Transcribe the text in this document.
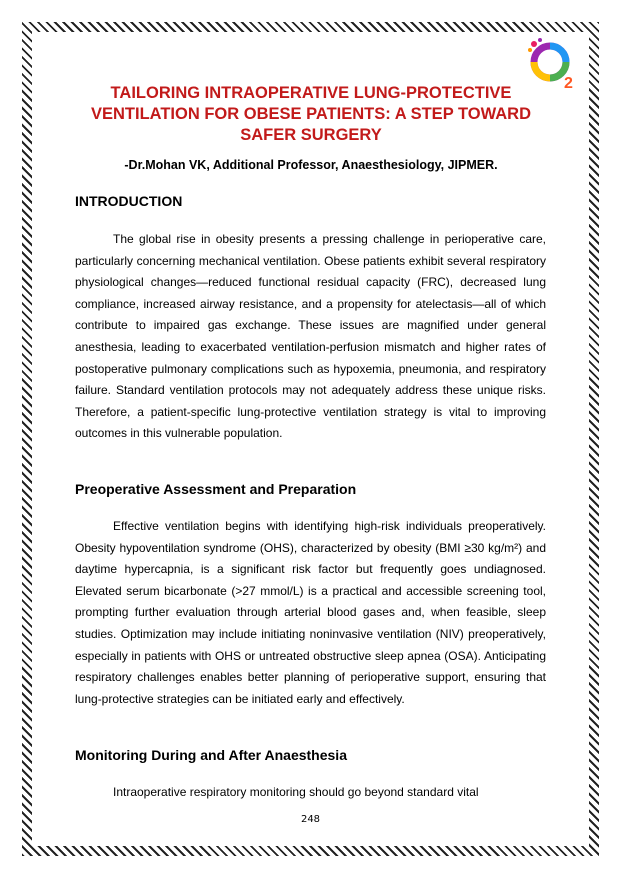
2
TAILORING INTRAOPERATIVE LUNG-PROTECTIVE VENTILATION FOR OBESE PATIENTS: A STEP TOWARD SAFER SURGERY

-Dr.Mohan VK, Additional Professor, Anaesthesiology, JIPMER.

INTRODUCTION

The global rise in obesity presents a pressing challenge in perioperative care, particularly concerning mechanical ventilation. Obese patients exhibit several respiratory physiological changes—reduced functional residual capacity (FRC), decreased lung compliance, increased airway resistance, and a propensity for atelectasis—all of which contribute to impaired gas exchange. These issues are magnified under general anesthesia, leading to exacerbated ventilation-perfusion mismatch and higher rates of postoperative pulmonary complications such as hypoxemia, pneumonia, and respiratory failure. Standard ventilation protocols may not adequately address these unique risks. Therefore, a patient-specific lung-protective ventilation strategy is vital to improving outcomes in this vulnerable population.

Preoperative Assessment and Preparation

Effective ventilation begins with identifying high-risk individuals preoperatively. Obesity hypoventilation syndrome (OHS), characterized by obesity (BMI ≥30 kg/m²) and daytime hypercapnia, is a significant risk factor but frequently goes undiagnosed. Elevated serum bicarbonate (>27 mmol/L) is a practical and accessible screening tool, prompting further evaluation through arterial blood gases and, when feasible, sleep studies. Optimization may include initiating noninvasive ventilation (NIV) preoperatively, especially in patients with OHS or untreated obstructive sleep apnea (OSA). Anticipating respiratory challenges enables better planning of perioperative support, ensuring that lung-protective strategies can be initiated early and effectively.

Monitoring During and After Anaesthesia

Intraoperative respiratory monitoring should go beyond standard vital

248
